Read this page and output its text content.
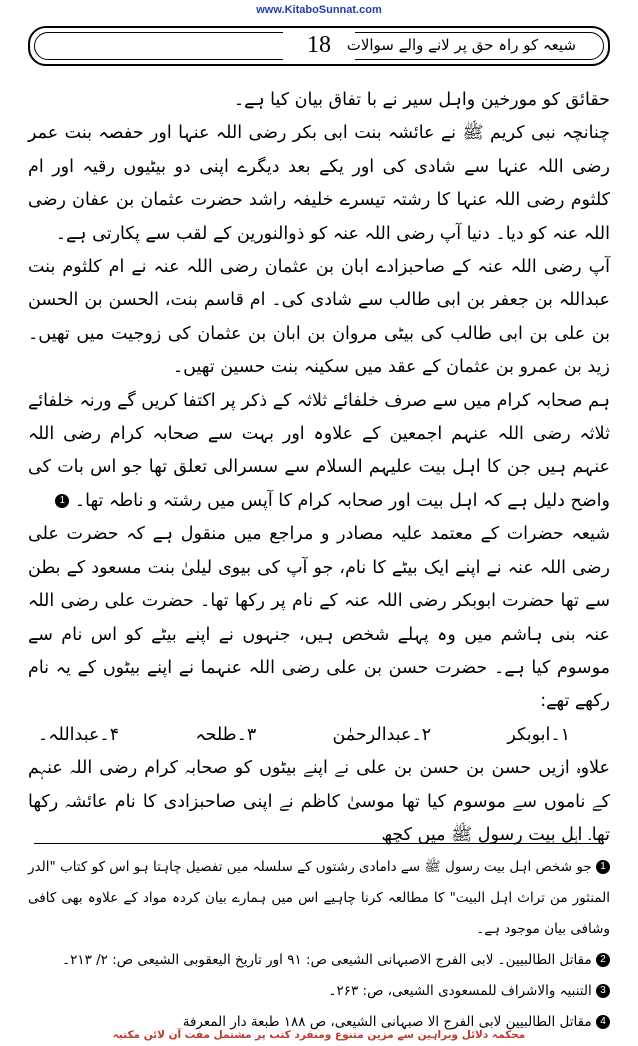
www.KitaboSunnat.com
18	شیعہ کو راہ حق پر لانے والے سوالات

حقائق کو مورخین واہل سیر نے با تفاق بیان کیا ہے۔

چنانچہ نبی کریم ﷺ نے عائشہ بنت ابی بکر رضی اللہ عنہا اور حفصہ بنت عمر رضی اللہ عنہا سے شادی کی اور یکے بعد دیگرے اپنی دو بیٹیوں رقیہ اور ام کلثوم رضی اللہ عنہا کا رشتہ تیسرے خلیفہ راشد حضرت عثمان بن عفان رضی اللہ عنہ کو دیا۔ دنیا آپ رضی اللہ عنہ کو ذوالنورین کے لقب سے پکارتی ہے۔

آپ رضی اللہ عنہ کے صاحبزادے ابان بن عثمان رضی اللہ عنہ نے ام کلثوم بنت عبداللہ بن جعفر بن ابی طالب سے شادی کی۔ ام قاسم بنت، الحسن بن الحسن بن علی بن ابی طالب کی بیٹی مروان بن ابان بن عثمان کی زوجیت میں تھیں۔ زید بن عمرو بن عثمان کے عقد میں سکینہ بنت حسین تھیں۔

ہم صحابہ کرام میں سے صرف خلفائے ثلاثہ کے ذکر پر اکتفا کریں گے ورنہ خلفائے ثلاثہ رضی اللہ عنہم اجمعین کے علاوہ اور بہت سے صحابہ کرام رضی اللہ عنہم ہیں جن کا اہل بیت علیہم السلام سے سسرالی تعلق تھا جو اس بات کی واضح دلیل ہے کہ اہل بیت اور صحابہ کرام کا آپس میں رشتہ و ناطہ تھا۔ 1

شیعہ حضرات کے معتمد علیہ مصادر و مراجع میں منقول ہے کہ حضرت علی رضی اللہ عنہ نے اپنے ایک بیٹے کا نام، جو آپ کی بیوی لیلیٰ بنت مسعود کے بطن سے تھا حضرت ابوبکر رضی اللہ عنہ کے نام پر رکھا تھا۔ حضرت علی رضی اللہ عنہ بنی ہاشم میں وہ پہلے شخص ہیں، جنہوں نے اپنے بیٹے کو اس نام سے موسوم کیا ہے۔ حضرت حسن بن علی رضی اللہ عنہما نے اپنے بیٹوں کے یہ نام رکھے تھے:

۱۔ابوبکر
۲۔عبدالرحمٰن
۳۔طلحہ
۴۔عبداللہ۔

علاوہ ازیں حسن بن حسن بن علی نے اپنے بیٹوں کو صحابہ کرام رضی اللہ عنہم کے ناموں سے موسوم کیا تھا موسیٰ کاظم نے اپنی صاحبزادی کا نام عائشہ رکھا تھا۔ اہل بیت رسول ﷺ میں کچھ

1 جو شخص اہل بیت رسول ﷺ سے دامادی رشتوں کے سلسلہ میں تفصیل چاہتا ہو اس کو کتاب "الدر المنثور من تراث اہل البیت" کا مطالعہ کرنا چاہیے اس میں ہمارے بیان کردہ مواد کے علاوہ بھی کافی وشافی بیان موجود ہے۔

2 مقاتل الطالبیین۔ لابی الفرج الاصبہانی الشیعی ص: ۹۱ اور تاریخ الیعقوبی الشیعی ص: ۲/ ۲۱۳۔

3 التنبیہ والاشراف للمسعودی الشیعی، ص: ۲۶۳۔

4 مقاتل الطالبیین لابی الفرج الا صبہانی الشیعی، ص ۱۸۸ طبعة دار المعرفة

محکمہ دلائل وبراہین سے مزین متنوع ومنفرد کتب پر مشتمل مفت آن لائن مکتبہ
